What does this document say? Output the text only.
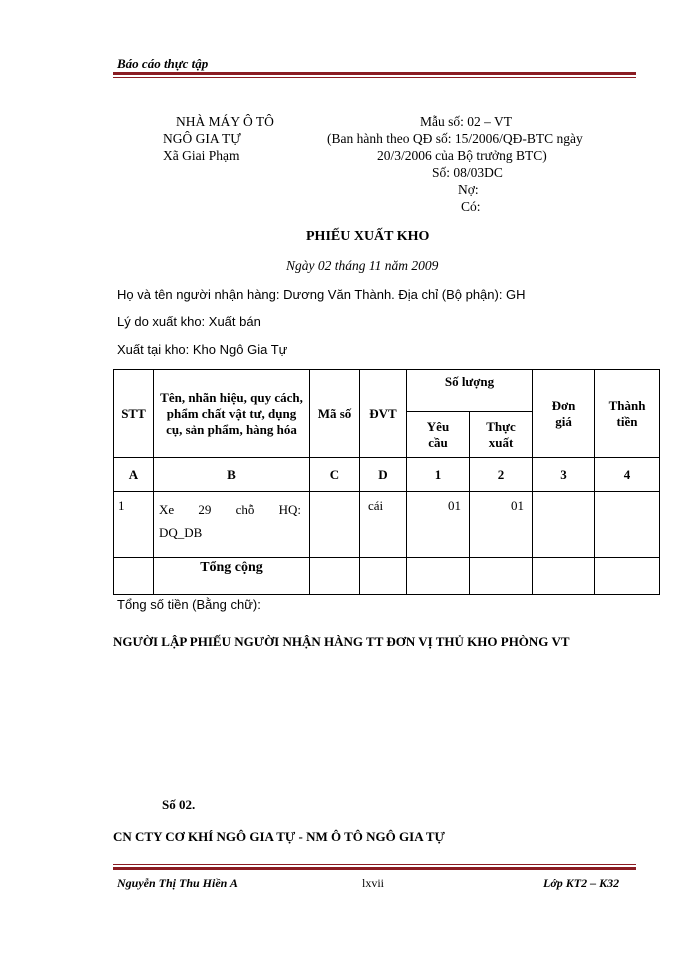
Báo cáo thực tập
NHÀ MÁY Ô TÔ
NGÔ GIA TỰ
Xã Giai Phạm
Mẫu số: 02 – VT
(Ban hành theo QĐ số: 15/2006/QĐ-BTC ngày
20/3/2006 của Bộ trưởng BTC)
Số: 08/03DC
Nợ:
Có:
PHIẾU XUẤT KHO
Ngày 02 tháng 11 năm 2009
Họ và tên người nhận hàng: Dương Văn Thành. Địa chỉ (Bộ phận): GH
Lý do xuất kho: Xuất bán
Xuất tại kho: Kho Ngô Gia Tự
STT	Tên, nhãn hiệu, quy cách, phẩm chất vật tư, dụng cụ, sản phẩm, hàng hóa	Mã số	ĐVT	Số lượng		Đơn giá	Thành tiền
				Yêu cầu	Thực xuất		
A	B	C	D	1	2	3	4
1	Xe 29 chỗ HQ: DQ_DB		cái	01	01		
	Tổng cộng						
Tổng số tiền (Bằng chữ):
NGƯỜI LẬP PHIẾU NGƯỜI NHẬN HÀNG TT ĐƠN VỊ THỦ KHO PHÒNG VT
Số 02.
CN CTY CƠ KHÍ NGÔ GIA TỰ - NM Ô TÔ NGÔ GIA TỰ
Nguyễn Thị Thu Hiền A	lxvii	Lớp KT2 – K32
